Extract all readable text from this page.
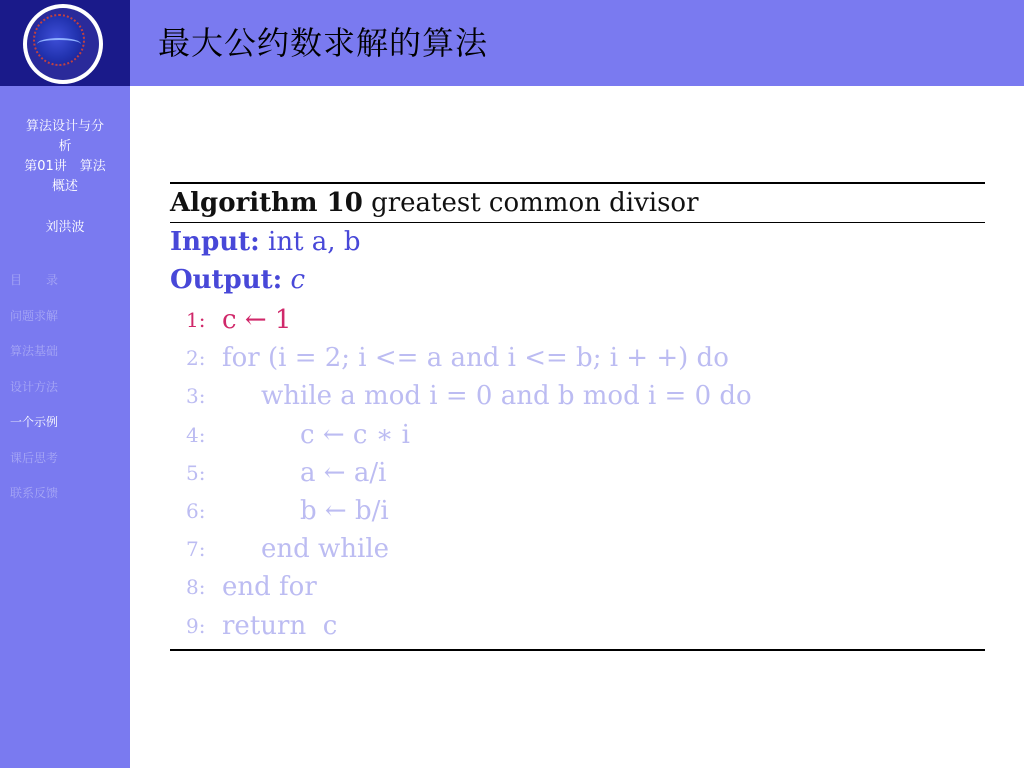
算法设计与分
析
第01讲　算法
概述
刘洪波
目　　录
问题求解
算法基础
设计方法
一个示例
课后思考
联系反馈
最大公约数求解的算法
Algorithm 10 greatest common divisor
Input: int a, b
Output: c
1: c ← 1
2: for (i = 2; i <= a and i <= b; i + +) do
3: while a mod i = 0 and b mod i = 0 do
4:	c ← c ∗ i
5:	a ← a/i
6:	b ← b/i
7: end while
8: end for
9: return  c
